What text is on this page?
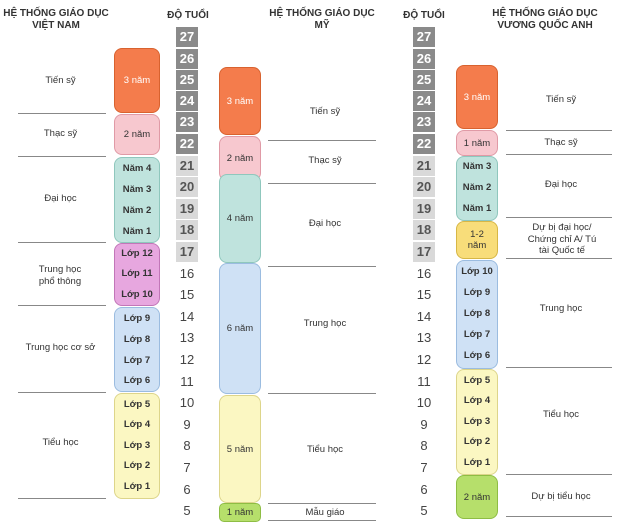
HỆ THỐNG GIÁO DỤC
VIỆT NAM
ĐỘ TUỔI	HỆ THỐNG GIÁO DỤC
MỸ
ĐỘ TUỔI	HỆ THỐNG GIÁO DỤC
VƯƠNG QUỐC ANH
27
26
25
24
23
22
21
20
19
18
17
16
15
14
13
12
11
10
9
8
7
6
5
27
26
25
24
23
22
21
20
19
18
17
16
15
14
13
12
11
10
9
8
7
6
5
Tiến sỹ
Thạc sỹ
Đại học
Trung học phổ thông
Trung học cơ sở
Tiểu học
3 năm
2 năm
Năm 4
Năm 3
Năm 2
Năm 1
Lớp 12
Lớp 11
Lớp 10
Lớp 9
Lớp 8
Lớp 7
Lớp 6
Lớp 5
Lớp 4
Lớp 3
Lớp 2
Lớp 1
3 năm
2 năm
4 năm
6 năm
5 năm
1 năm
Tiến sỹ
Thạc sỹ
Đại học
Trung học
Tiểu học
Mẫu giáo
3 năm
1 năm
Năm 3
Năm 2
Năm 1
1-2 năm
Lớp 10
Lớp 9
Lớp 8
Lớp 7
Lớp 6
Lớp 5
Lớp 4
Lớp 3
Lớp 2
Lớp 1
2 năm
Tiến sỹ
Thạc sỹ
Đại học
Dự bị đại học/ Chứng chỉ A/ Tú tài Quốc tế
Trung học
Tiểu học
Dự bị tiểu học
